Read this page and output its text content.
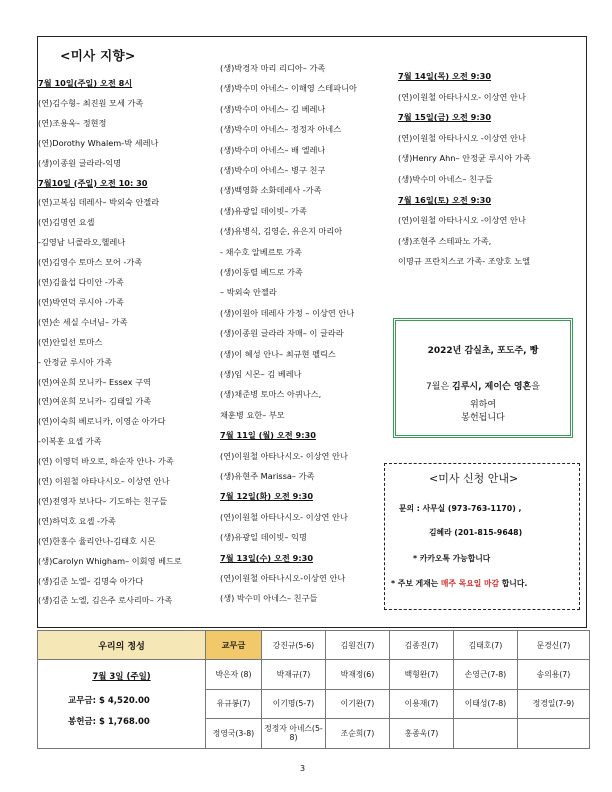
<미사 지향>
7월 10일(주일) 오전 8시
(연)김수형– 최진원 모세 가족
(연)조용욱– 정현정
(연)Dorothy Whalem-박 세레나
(생)이종원 글라라-익명
7월10일 (주일) 오전 10: 30
(연)고복심 데레사– 박외숙 안젤라
(연)김명연 요셉
-김영남 니콜라오,헬레나
(연)김영수 토마스 모어 -가족
(연)김율섭 다미안 -가족
(연)박연덕 루시아 -가족
(연)손 세실 수녀님– 가족
(연)안일선 토마스
- 안정균 루시아 가족
(연)여운희 모니카– Essex 구역
(연)여운희 모니카– 김태일 가족
(연)이숙희 베로니카, 이영순 아가다
-이복훈 요셉 가족
(연) 이영덕 바오로, 하순자 안나- 가족
(연) 이원철 아타나시오– 이상연 안나
(연)전영자 보나다– 기도하는 친구들
(연)하덕호 요셉 -가족
(연)한홍수 율리안나-김태호 시몬
(생)Carolyn Whigham– 이회영 베드로
(생)김준 노엘– 김명숙 아가다
(생)김준 노엘, 김은주 로사리마– 가족
(생)박경자 마리 리디아– 가족
(생)박수미 아네스– 이해영 스테파니아
(생)박수미 아네스– 김 베레나
(생)박수미 아네스– 정정자 아네스
(생)박수미 아네스– 배 엘레나
(생)박수미 아네스– 병구 친구
(생)백영화 소화데레사 -가족
(생)유광일 데이빗– 가족
(생)유병식, 김영순, 유은지 마리아
- 채수호 알베르토 가족
(생)이동렬 베드로 가족
– 박외숙 안젤라
(생)이원아 데레사 가정 – 이상연 안나
(생)이종원 글라라 자매– 이 글라라
(생)이 혜성 안나– 최규현 펠릭스
(생)임 시몬– 김 베레나
(생)채준병 토마스 아퀴나스,
채훈병 요한– 부모
7월 11일 (월) 오전 9:30
(연)이원철 아타나시오- 이상연 안나
(생)유현주 Marissa– 가족
7월 12일(화) 오전 9:30
(연)이원철 아타나시오- 이상연 안나
(생)유광일 데이빗– 익명
7월 13일(수) 오전 9:30
(연)이원철 아타나시오-이상연 안나
(생) 박수미 아네스– 친구들
7월 14일(목) 오전 9:30
(연)이원철 아타나시오- 이상연 안나
7월 15일(금) 오전 9:30
(연)이원철 아타나시오 -이상연 안나
(생)Henry Ahn– 안정균 루시아 가족
(생)박수미 아네스– 친구들
7월 16일(토) 오전 9:30
(연)이원철 아타나시오 -이상연 안나
(생)조현주 스테파노 가족,
이명규 프란치스코 가족- 조양호 노엘
2022년 감실초, 포도주, 빵
7월은 김루시, 제이슨 영혼을
위하여
봉헌됩니다
<미사 신청 안내>
문의 : 사무실 (973-763-1170) ,
김혜라 (201-815-9648)
* 카카오톡 가능합니다
* 주보 게재는 매주 목요일 마감 합니다.
우리의 정성	교무금	강진규(5-6)	김원건(7)	김종진(7)	김태호(7)	문경신(7)

7월 3일 (주일)
교무금: $ 4,520.00
봉헌금: $ 1,768.00	박은자 (8)	박재규(7)	박재정(6)	백형완(7)	손영근(7-8)	송의용(7)
	유규봉(7)	이기명(5-7)	이기완(7)	이용재(7)	이태성(7-8)	정경일(7-9)
	정영국(3-8)	정정자 아네스(5-8)	조순희(7)	홍종욱(7)		
3
